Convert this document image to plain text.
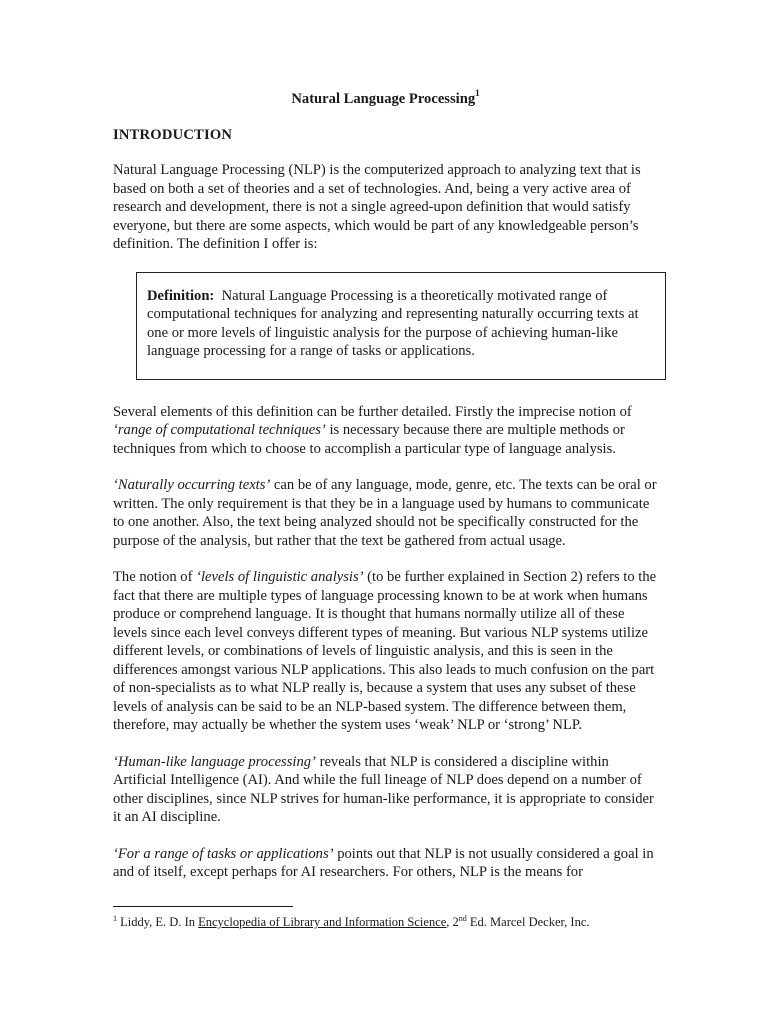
Natural Language Processing$^1$
INTRODUCTION

Natural Language Processing (NLP) is the computerized approach to analyzing text that is based on both a set of theories and a set of technologies. And, being a very active area of research and development, there is not a single agreed-upon definition that would satisfy everyone, but there are some aspects, which would be part of any knowledgeable person’s definition. The definition I offer is:

Definition: Natural Language Processing is a theoretically motivated range of computational techniques for analyzing and representing naturally occurring texts at one or more levels of linguistic analysis for the purpose of achieving human-like language processing for a range of tasks or applications.

Several elements of this definition can be further detailed. Firstly the imprecise notion of ‘range of computational techniques’ is necessary because there are multiple methods or techniques from which to choose to accomplish a particular type of language analysis.

‘Naturally occurring texts’ can be of any language, mode, genre, etc. The texts can be oral or written. The only requirement is that they be in a language used by humans to communicate to one another. Also, the text being analyzed should not be specifically constructed for the purpose of the analysis, but rather that the text be gathered from actual usage.

The notion of ‘levels of linguistic analysis’ (to be further explained in Section 2) refers to the fact that there are multiple types of language processing known to be at work when humans produce or comprehend language. It is thought that humans normally utilize all of these levels since each level conveys different types of meaning. But various NLP systems utilize different levels, or combinations of levels of linguistic analysis, and this is seen in the differences amongst various NLP applications. This also leads to much confusion on the part of non-specialists as to what NLP really is, because a system that uses any subset of these levels of analysis can be said to be an NLP-based system. The difference between them, therefore, may actually be whether the system uses ‘weak’ NLP or ‘strong’ NLP.

‘Human-like language processing’ reveals that NLP is considered a discipline within Artificial Intelligence (AI). And while the full lineage of NLP does depend on a number of other disciplines, since NLP strives for human-like performance, it is appropriate to consider it an AI discipline.

‘For a range of tasks or applications’ points out that NLP is not usually considered a goal in and of itself, except perhaps for AI researchers. For others, NLP is the means for

$^1$ Liddy, E. D. In Encyclopedia of Library and Information Science, 2nd Ed. Marcel Decker, Inc.
